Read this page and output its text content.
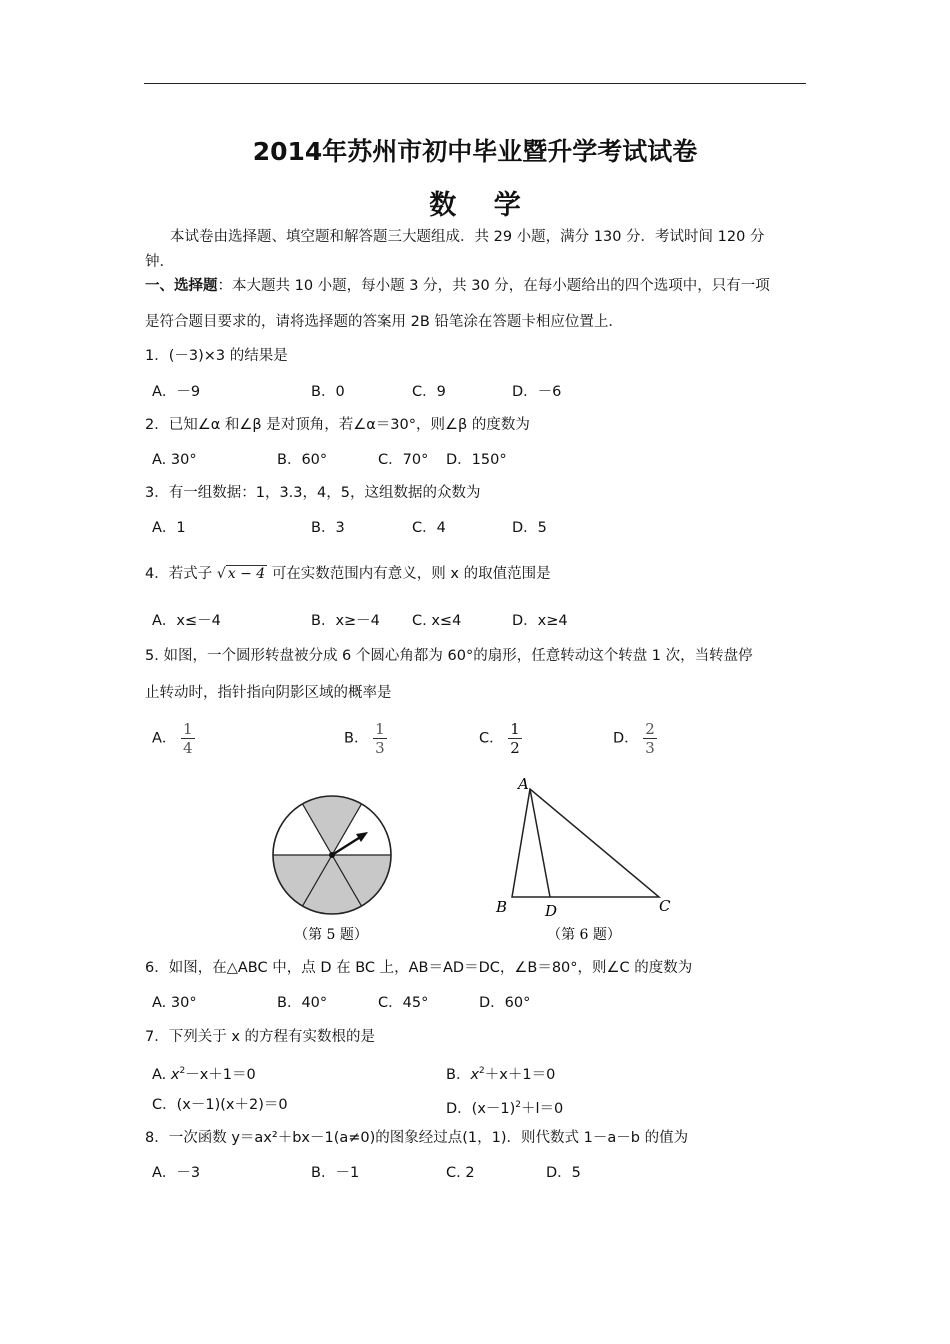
2014年苏州市初中毕业暨升学考试试卷
数 学
本试卷由选择题、填空题和解答题三大题组成．共 29 小题，满分 130 分．考试时间 120 分
钟．
一、选择题：本大题共 10 小题，每小题 3 分，共 30 分，在每小题给出的四个选项中，只有一项
是符合题目要求的，请将选择题的答案用 2B 铅笔涂在答题卡相应位置上．
1．(－3)×3 的结果是
A．－9	B．0	C．9	D．－6
2．已知∠α 和∠β 是对顶角，若∠α＝30°，则∠β 的度数为
A. 30°	B．60°	C．70° D．150°
3．有一组数据：1，3.3，4，5，这组数据的众数为
A．1	B．3	C．4	D．5
4．若式子 √ x − 4 可在实数范围内有意义，则 x 的取值范围是
A．x≤－4	B．x≥－4 C. x≤4	D．x≥4
5. 如图，一个圆形转盘被分成 6 个圆心角都为 60°的扇形，任意转动这个转盘 1 次，当转盘停
止转动时，指针指向阴影区域的概率是
A． $\frac{1}{4}$	B． $\frac{1}{3}$	C． $\frac{1}{2}$	D． $\frac{2}{3}$
（第 5 题）
A
B	D	C
（第 6 题）
6．如图，在△ABC 中，点 D 在 BC 上，AB＝AD＝DC，∠B＝80°，则∠C 的度数为
A. 30°	B．40°	C．45°	D．60°
7．下列关于 x 的方程有实数根的是
A. $x^2-x+1=0$	B．$x^2+x+1=0$
C．(x－1)(x＋2)＝0	D．$(x-1)^2+l=0$
8．一次函数 y＝ax²＋bx－1(a≠0)的图象经过点(1，1)．则代数式 1－a－b 的值为
A．－3	B．－1	C. 2	D．5
